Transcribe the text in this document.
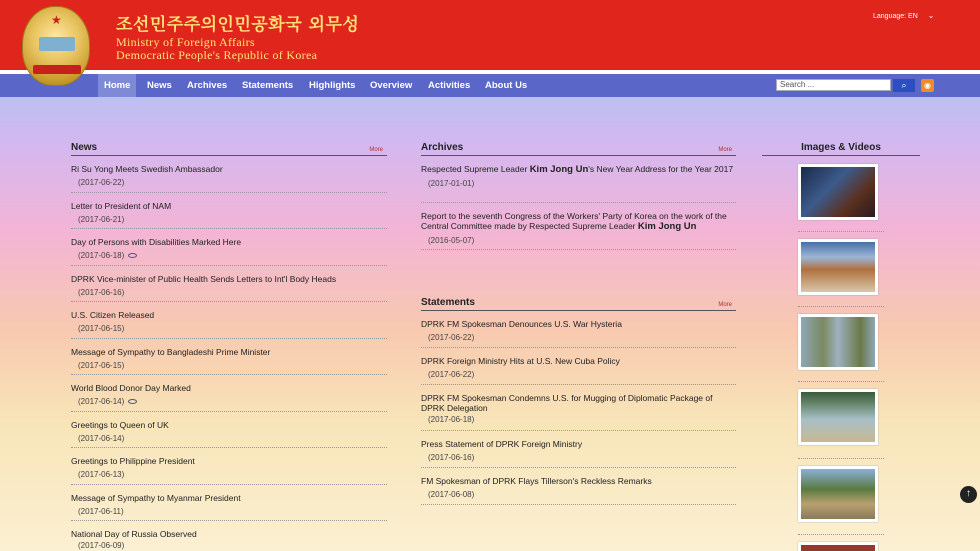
★	조선민주주의인민공화국 외무성
Ministry of Foreign Affairs
Democratic People's Republic of Korea
Language: EN ⌄
Home	News	Archives	Statements	Highlights	Overview	Activities	About Us	Search ...	⌕	◉
News	More
Ri Su Yong Meets Swedish Ambassador
(2017-06-22)
Letter to President of NAM
(2017-06-21)
Day of Persons with Disabilities Marked Here
(2017-06-18)
DPRK Vice-minister of Public Health Sends Letters to Int'l Body Heads
(2017-06-16)
U.S. Citizen Released
(2017-06-15)
Message of Sympathy to Bangladeshi Prime Minister
(2017-06-15)
World Blood Donor Day Marked
(2017-06-14)
Greetings to Queen of UK
(2017-06-14)
Greetings to Philippine President
(2017-06-13)
Message of Sympathy to Myanmar President
(2017-06-11)
National Day of Russia Observed
(2017-06-09)
Archives	More
Respected Supreme Leader Kim Jong Un's New Year Address for the Year 2017
(2017-01-01)
Report to the seventh Congress of the Workers' Party of Korea on the work of the Central Committee made by Respected Supreme Leader Kim Jong Un
(2016-05-07)
Statements	More
DPRK FM Spokesman Denounces U.S. War Hysteria
(2017-06-22)
DPRK Foreign Ministry Hits at U.S. New Cuba Policy
(2017-06-22)
DPRK FM Spokesman Condemns U.S. for Mugging of Diplomatic Package of DPRK Delegation
(2017-06-18)
Press Statement of DPRK Foreign Ministry
(2017-06-16)
FM Spokesman of DPRK Flays Tillerson's Reckless Remarks
(2017-06-08)
Images & Videos
↑
